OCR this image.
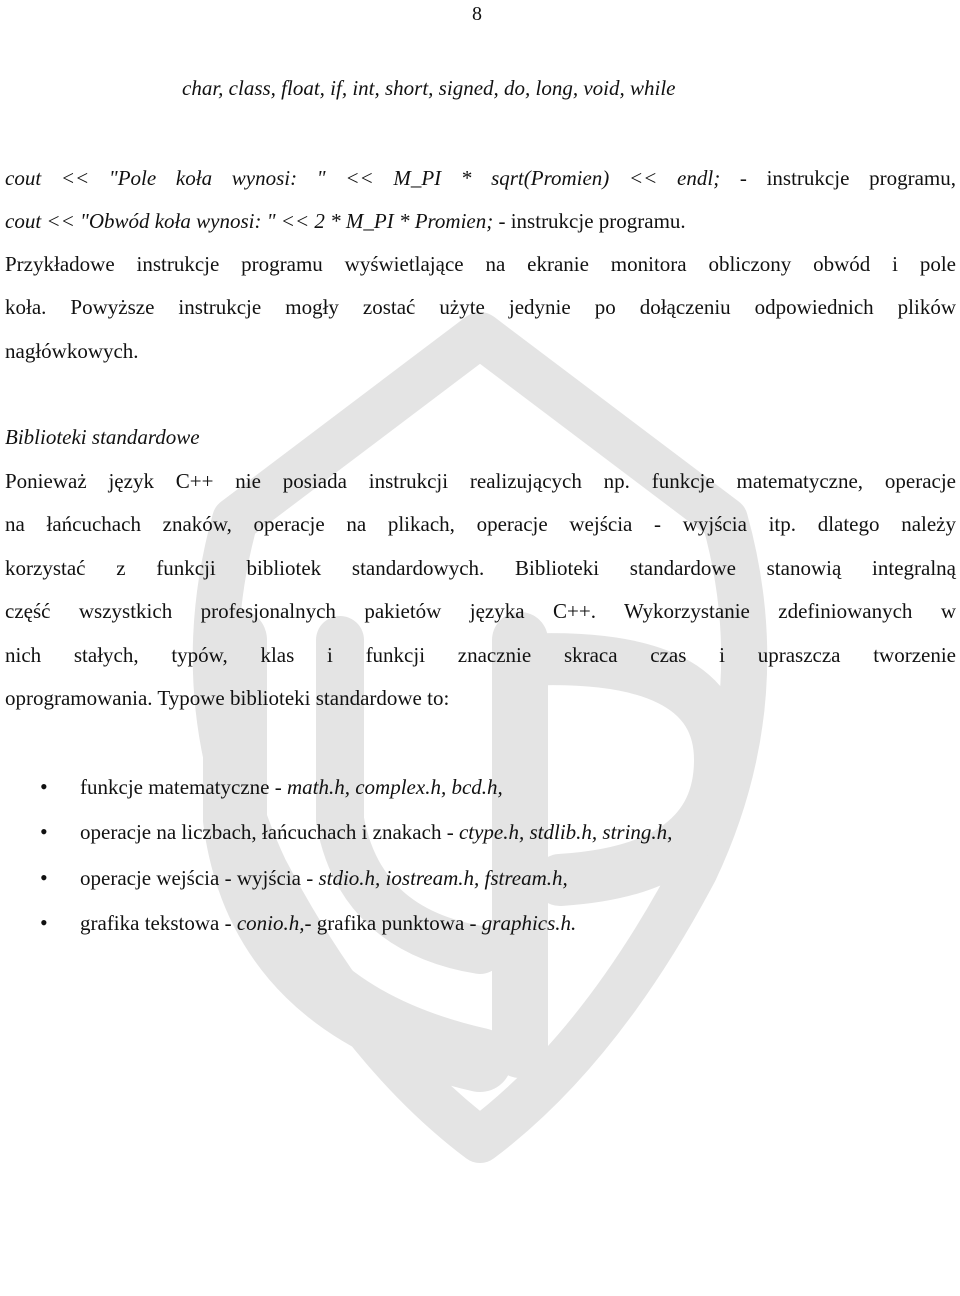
8
char, class, float, if, int, short, signed, do, long, void, while
cout << "Pole koła wynosi: " << M_PI * sqrt(Promien) << endl; - instrukcje programu,
cout << "Obwód koła wynosi: " << 2 * M_PI * Promien; - instrukcje programu.
Przykładowe instrukcje programu wyświetlające na ekranie monitora obliczony obwód i pole
koła. Powyższe instrukcje mogły zostać użyte jedynie po dołączeniu odpowiednich plików
nagłówkowych.
Biblioteki standardowe
Ponieważ język C++ nie posiada instrukcji realizujących np. funkcje matematyczne, operacje
na łańcuchach znaków, operacje na plikach, operacje wejścia - wyjścia itp. dlatego należy
korzystać z funkcji bibliotek standardowych. Biblioteki standardowe stanowią integralną
część wszystkich profesjonalnych pakietów języka C++. Wykorzystanie zdefiniowanych w
nich stałych, typów, klas i funkcji znacznie skraca czas i upraszcza tworzenie
oprogramowania. Typowe biblioteki standardowe to:
• funkcje matematyczne - math.h, complex.h, bcd.h,
• operacje na liczbach, łańcuchach i znakach - ctype.h, stdlib.h, string.h,
• operacje wejścia - wyjścia - stdio.h, iostream.h, fstream.h,
• grafika tekstowa - conio.h,- grafika punktowa - graphics.h.
